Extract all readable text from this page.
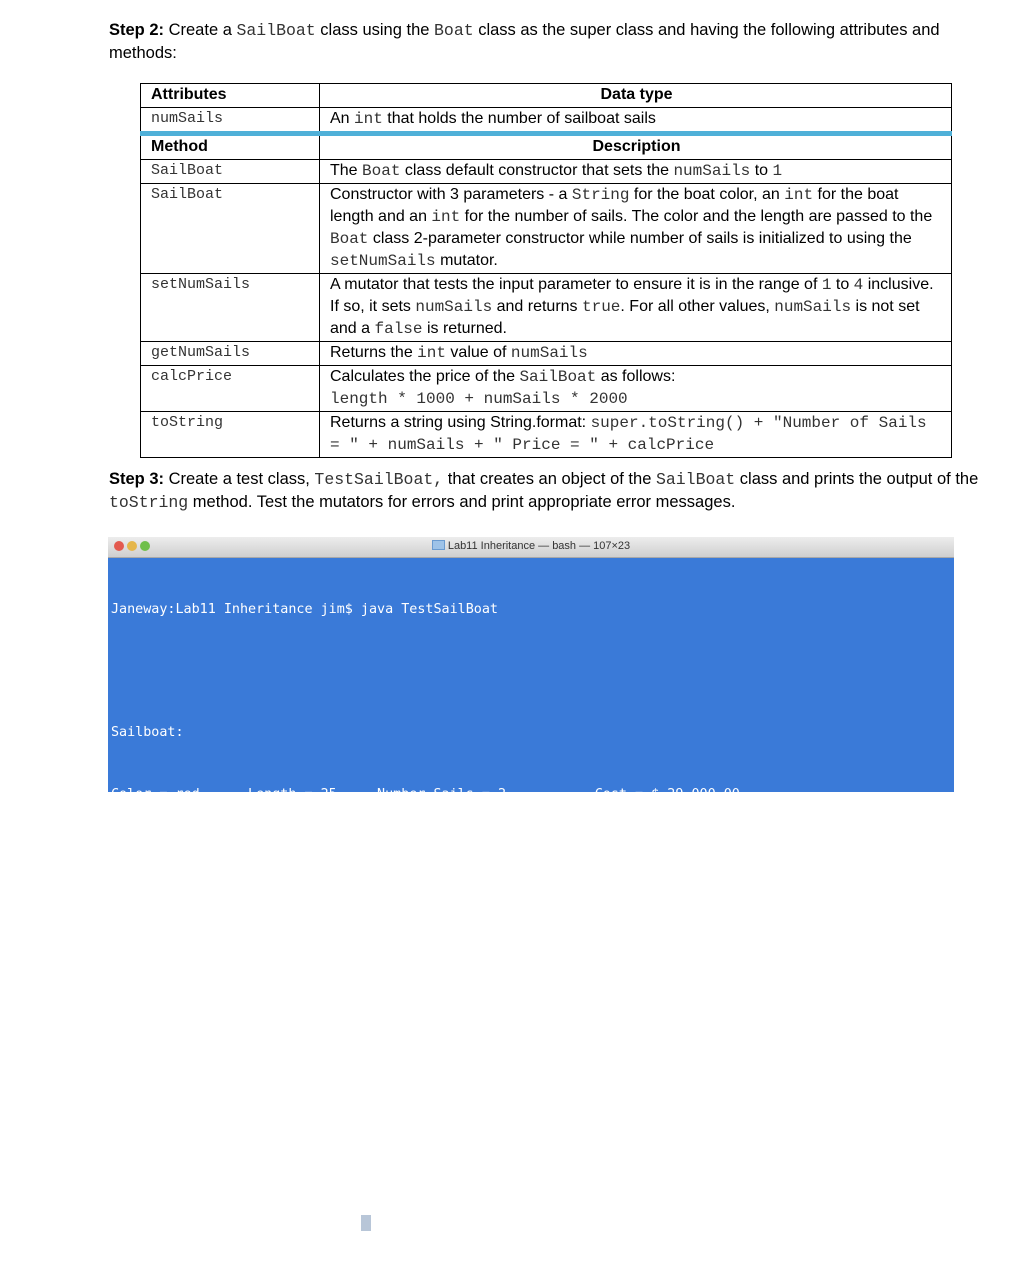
Step 2: Create a SailBoat class using the Boat class as the super class and having the following attributes and methods:
Attributes	Data type
numSails	An int that holds the number of sailboat sails
Method	Description
SailBoat	The Boat class default constructor that sets the numSails to 1
SailBoat	Constructor with 3 parameters - a String for the boat color, an int for the boat length and an int for the number of sails. The color and the length are passed to the Boat class 2-parameter constructor while number of sails is initialized to using the setNumSails mutator.
setNumSails	A mutator that tests the input parameter to ensure it is in the range of 1 to 4 inclusive. If so, it sets numSails and returns true. For all other values, numSails is not set and a false is returned.
getNumSails	Returns the int value of numSails
calcPrice	Calculates the price of the SailBoat as follows:
length * 1000 + numSails * 2000
toString	Returns a string using String.format: super.toString() + "Number of Sails = " + numSails + " Price = " + calcPrice
Step 3: Create a test class, TestSailBoat, that creates an object of the SailBoat class and prints the output of the toString method. Test the mutators for errors and print appropriate error messages.
Lab11 Inheritance — bash — 107×23

Janeway:Lab11 Inheritance jim$ java TestSailBoat

Sailboat:

Color = red      Length = 25     Number Sails = 2           Cost = $ 29,000.00

Changing Sailboat's color to purple.

Error: Boats can only be white, red, blue, or yellow.

Changing Sailboat's length to 55.

Error: Sail Boats can only be between 20 and 50 feet, inclusively.

Janeway:Lab11 Inheritance jim$
